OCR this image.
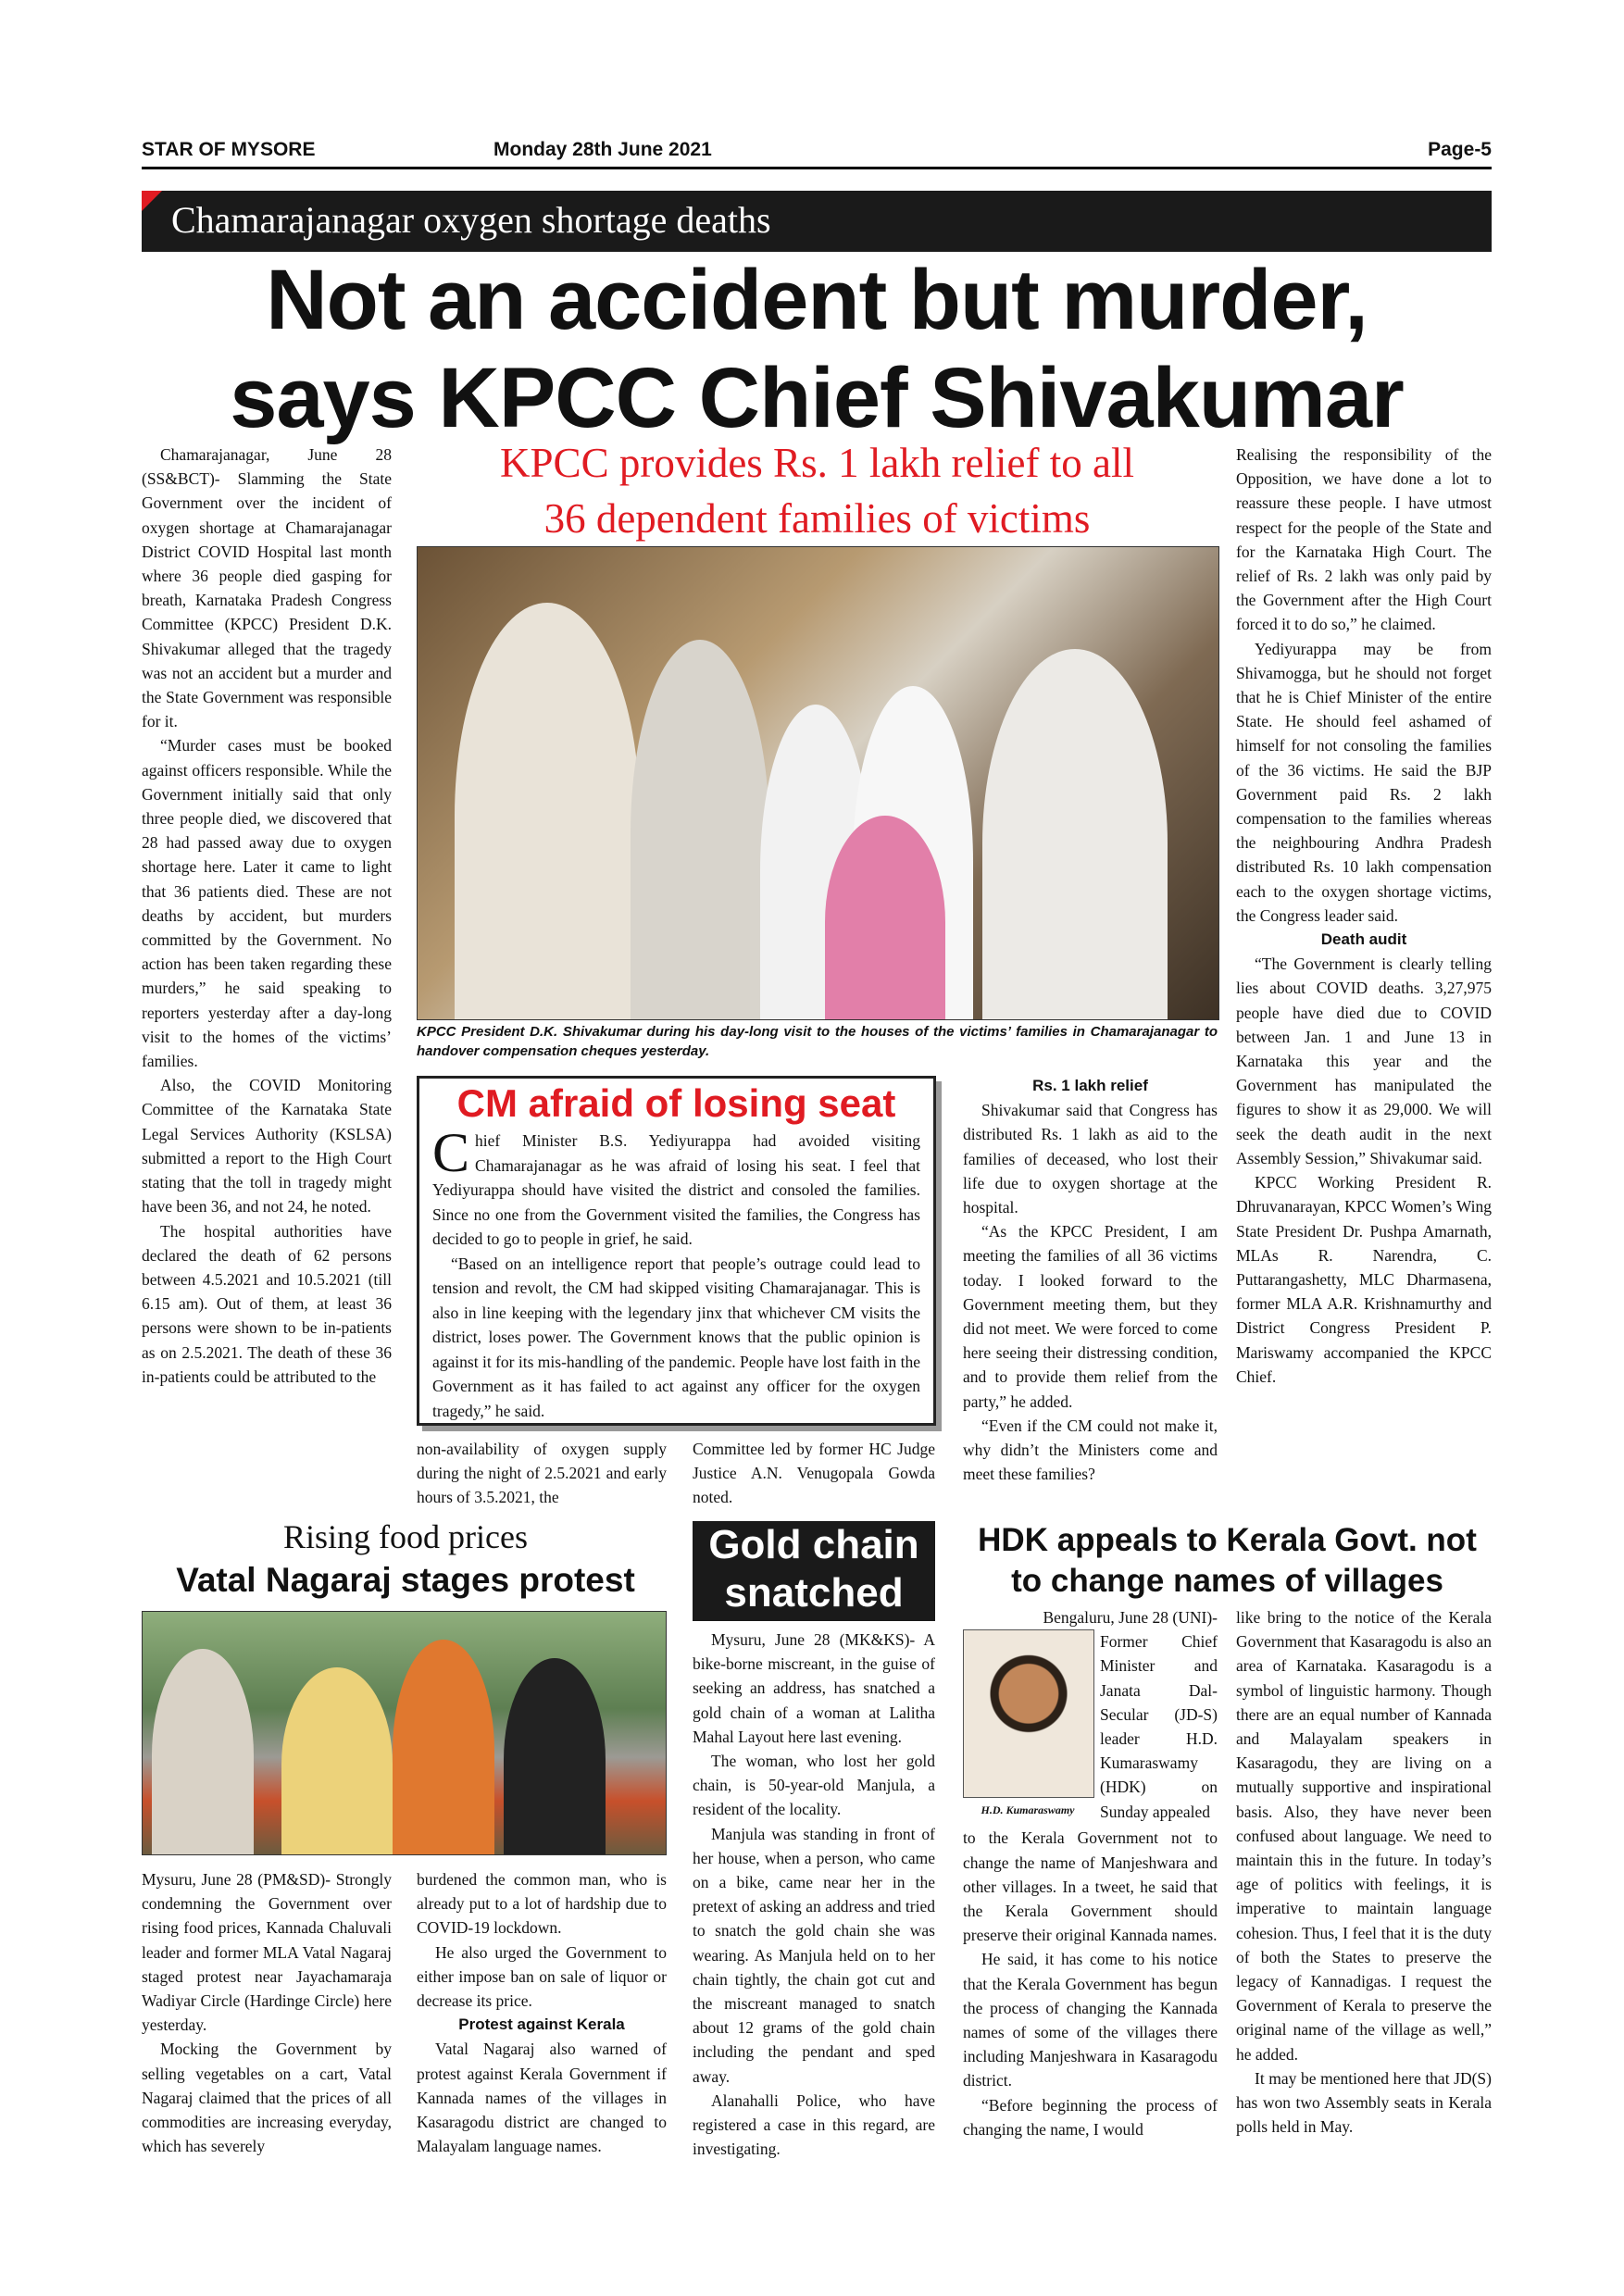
STAR OF MYSORE	Monday 28th June 2021	Page-5
Chamarajanagar oxygen shortage deaths
Not an accident but murder,
says KPCC Chief Shivakumar

Chamarajanagar, June 28 (SS&BCT)- Slamming the State Government over the incident of oxygen shortage at Chamarajanagar District COVID Hospital last month where 36 people died gasping for breath, Karnataka Pradesh Congress Committee (KPCC) President D.K. Shivakumar alleged that the tragedy was not an accident but a murder and the State Government was responsible for it.

“Murder cases must be booked against officers responsible. While the Government initially said that only three people died, we discovered that 28 had passed away due to oxygen shortage here. Later it came to light that 36 patients died. These are not deaths by accident, but murders committed by the Government. No action has been taken regarding these murders,” he said speaking to reporters yesterday after a day-long visit to the homes of the victims’ families.

Also, the COVID Monitoring Committee of the Karnataka State Legal Services Authority (KSLSA) submitted a report to the High Court stating that the toll in tragedy might have been 36, and not 24, he noted.

The hospital authorities have declared the death of 62 persons between 4.5.2021 and 10.5.2021 (till 6.15 am). Out of them, at least 36 persons were shown to be in-patients as on 2.5.2021. The death of these 36 in-patients could be attributed to the

KPCC provides Rs. 1 lakh relief to all
36 dependent families of victims
KPCC President D.K. Shivakumar during his day-long visit to the houses of the victims’ families in Chamarajanagar to handover compensation cheques yesterday.
CM afraid of losing seat

Chief Minister B.S. Yediyurappa had avoided visiting Chamarajanagar as he was afraid of losing his seat. I feel that Yediyurappa should have visited the district and consoled the families. Since no one from the Government visited the families, the Congress has decided to go to people in grief, he said.

“Based on an intelligence report that people’s outrage could lead to tension and revolt, the CM had skipped visiting Chamarajanagar. This is also in line keeping with the legendary jinx that whichever CM visits the district, loses power. The Government knows that the public opinion is against it for its mis-handling of the pandemic. People have lost faith in the Government as it has failed to act against any officer for the oxygen tragedy,” he said.

non-availability of oxygen supply during the night of 2.5.2021 and early hours of 3.5.2021, the

Committee led by former HC Judge Justice A.N. Venugopala Gowda noted.

Rs. 1 lakh relief

Shivakumar said that Congress has distributed Rs. 1 lakh as aid to the families of deceased, who lost their life due to oxygen shortage at the hospital.

“As the KPCC President, I am meeting the families of all 36 victims today. I looked forward to the Government meeting them, but they did not meet. We were forced to come here seeing their distressing condition, and to provide them relief from the party,” he added.

“Even if the CM could not make it, why didn’t the Ministers come and meet these families?

Realising the responsibility of the Opposition, we have done a lot to reassure these people. I have utmost respect for the people of the State and for the Karnataka High Court. The relief of Rs. 2 lakh was only paid by the Government after the High Court forced it to do so,” he claimed.

Yediyurappa may be from Shivamogga, but he should not forget that he is Chief Minister of the entire State. He should feel ashamed of himself for not consoling the families of the 36 victims. He said the BJP Government paid Rs. 2 lakh compensation to the families whereas the neighbouring Andhra Pradesh distributed Rs. 10 lakh compensation each to the oxygen shortage victims, the Congress leader said.

Death audit

“The Government is clearly telling lies about COVID deaths. 3,27,975 people have died due to COVID between Jan. 1 and June 13 in Karnataka this year and the Government has manipulated the figures to show it as 29,000. We will seek the death audit in the next Assembly Session,” Shivakumar said.

KPCC Working President R. Dhruvanarayan, KPCC Women’s Wing State President Dr. Pushpa Amarnath, MLAs R. Narendra, C. Puttarangashetty, MLC Dharmasena, former MLA A.R. Krishnamurthy and District Congress President P. Mariswamy accompanied the KPCC Chief.

Rising food prices
Vatal Nagaraj stages protest

Mysuru, June 28 (PM&SD)- Strongly condemning the Government over rising food prices, Kannada Chaluvali leader and former MLA Vatal Nagaraj staged protest near Jayachamaraja Wadiyar Circle (Hardinge Circle) here yesterday.

Mocking the Government by selling vegetables on a cart, Vatal Nagaraj claimed that the prices of all commodities are increasing everyday, which has severely

burdened the common man, who is already put to a lot of hardship due to COVID-19 lockdown.

He also urged the Government to either impose ban on sale of liquor or decrease its price.

Protest against Kerala

Vatal Nagaraj also warned of protest against Kerala Government if Kannada names of the villages in Kasaragodu district are changed to Malayalam language names.

Gold chain
snatched

Mysuru, June 28 (MK&KS)- A bike-borne miscreant, in the guise of seeking an address, has snatched a gold chain of a woman at Lalitha Mahal Layout here last evening.

The woman, who lost her gold chain, is 50-year-old Manjula, a resident of the locality.

Manjula was standing in front of her house, when a person, who came on a bike, came near her in the pretext of asking an address and tried to snatch the gold chain she was wearing. As Manjula held on to her chain tightly, the chain got cut and the miscreant managed to snatch about 12 grams of the gold chain including the pendant and sped away.

Alanahalli Police, who have registered a case in this regard, are investigating.

HDK appeals to Kerala Govt. not
to change names of villages

Bengaluru, June 28 (UNI)-

H.D. Kumaraswamy

Former Chief Minister and Janata Dal-Secular (JD-S) leader H.D. Kumaraswamy (HDK) on Sunday appealed

to the Kerala Government not to change the name of Manjeshwara and other villages. In a tweet, he said that the Kerala Government should preserve their original Kannada names.

He said, it has come to his notice that the Kerala Government has begun the process of changing the Kannada names of some of the villages there including Manjeshwara in Kasaragodu district.

“Before beginning the process of changing the name, I would

like bring to the notice of the Kerala Government that Kasaragodu is also an area of Karnataka. Kasaragodu is a symbol of linguistic harmony. Though there are an equal number of Kannada and Malayalam speakers in Kasaragodu, they are living on a mutually supportive and inspirational basis. Also, they have never been confused about language. We need to maintain this in the future. In today’s age of politics with feelings, it is imperative to maintain language cohesion. Thus, I feel that it is the duty of both the States to preserve the legacy of Kannadigas. I request the Government of Kerala to preserve the original name of the village as well,” he added.

It may be mentioned here that JD(S) has won two Assembly seats in Kerala polls held in May.
